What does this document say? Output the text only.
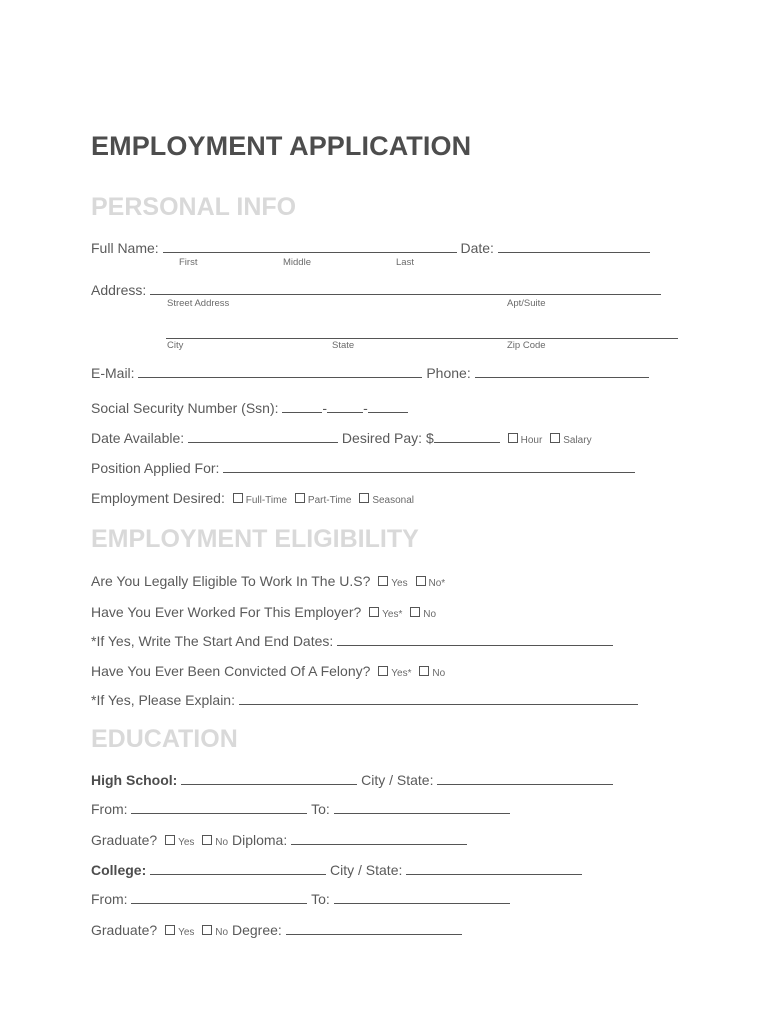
EMPLOYMENT APPLICATION
PERSONAL INFO
Full Name:	Date:
First	Middle	Last
Address:
Street Address	Apt/Suite
City	State	Zip Code
E-Mail:	Phone:
Social Security Number (Ssn):	-	-
Date Available:	Desired Pay: $	Hour Salary
Position Applied For:
Employment Desired: Full-Time Part-Time Seasonal
EMPLOYMENT ELIGIBILITY
Are You Legally Eligible To Work In The U.S? Yes No*
Have You Ever Worked For This Employer? Yes* No
*If Yes, Write The Start And End Dates:
Have You Ever Been Convicted Of A Felony? Yes* No
*If Yes, Please Explain:
EDUCATION
High School:	City / State:
From:	To:
Graduate? Yes No Diploma:
College:	City / State:
From:	To:
Graduate? Yes No Degree:
